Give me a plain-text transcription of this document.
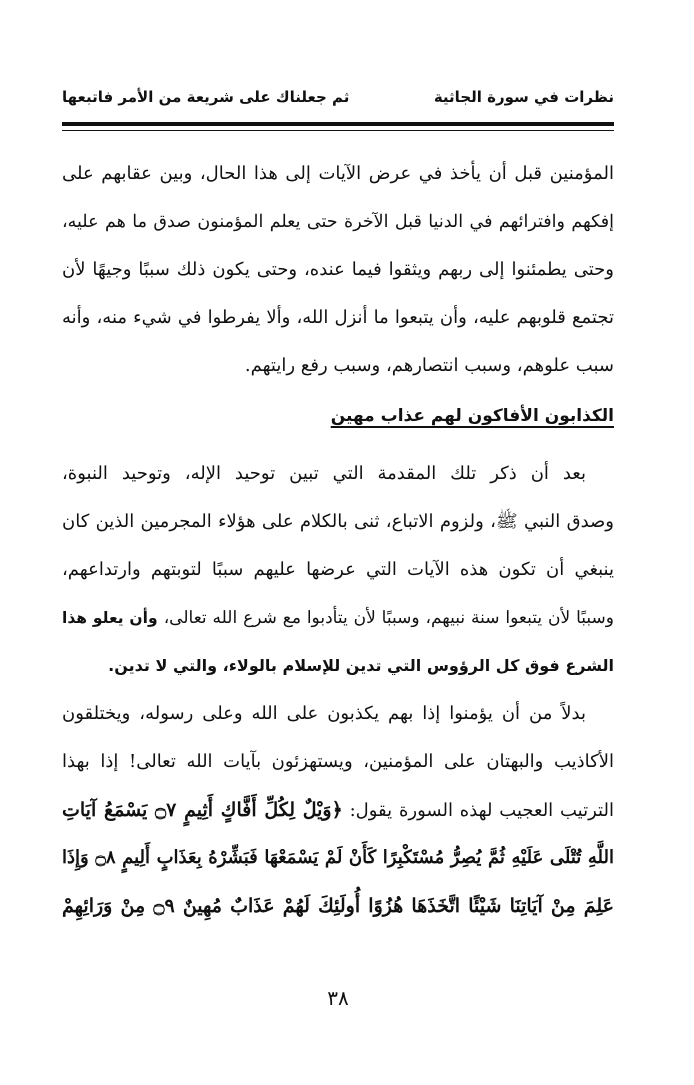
نظرات في سورة الجاثية
ثم جعلناك على شريعة من الأمر فاتبعها
المؤمنين قبل أن يأخذ في عرض الآيات إلى هذا الحال، وبين عقابهم على
إفكهم وافترائهم في الدنيا قبل الآخرة حتى يعلم المؤمنون صدق ما هم عليه،
وحتى يطمئنوا إلى ربهم ويثقوا فيما عنده، وحتى يكون ذلك سببًا وجيهًا لأن
تجتمع قلوبهم عليه، وأن يتبعوا ما أنزل الله، وألا يفرطوا في شيء منه، وأنه
سبب علوهم، وسبب انتصارهم، وسبب رفع رايتهم.
الكذابون الأفاكون لهم عذاب مهين
بعد أن ذكر تلك المقدمة التي تبين توحيد الإله، وتوحيد النبوة،
وصدق النبي ﷺ، ولزوم الاتباع، ثنى بالكلام على هؤلاء المجرمين الذين كان
ينبغي أن تكون هذه الآيات التي عرضها عليهم سببًا لتوبتهم وارتداعهم،
وسببًا لأن يتبعوا سنة نبيهم، وسببًا لأن يتأدبوا مع شرع الله تعالى، وأن يعلو هذا
الشرع فوق كل الرؤوس التي تدين للإسلام بالولاء، والتي لا تدين.
بدلاً من أن يؤمنوا إذا بهم يكذبون على الله وعلى رسوله، ويختلقون
الأكاذيب والبهتان على المؤمنين، ويستهزئون بآيات الله تعالى! إذا بهذا
الترتيب العجيب لهذه السورة يقول: ﴿وَيْلٌ لِكُلِّ أَفَّاكٍ أَثِيمٍ ۝٧ يَسْمَعُ آيَاتِ
اللَّهِ تُتْلَى عَلَيْهِ ثُمَّ يُصِرُّ مُسْتَكْبِرًا كَأَنْ لَمْ يَسْمَعْهَا فَبَشِّرْهُ بِعَذَابٍ أَلِيمٍ ۝٨ وَإِذَا
عَلِمَ مِنْ آيَاتِنَا شَيْئًا اتَّخَذَهَا هُزُوًا أُولَئِكَ لَهُمْ عَذَابٌ مُهِينٌ ۝٩ مِنْ وَرَائِهِمْ
٣٨
